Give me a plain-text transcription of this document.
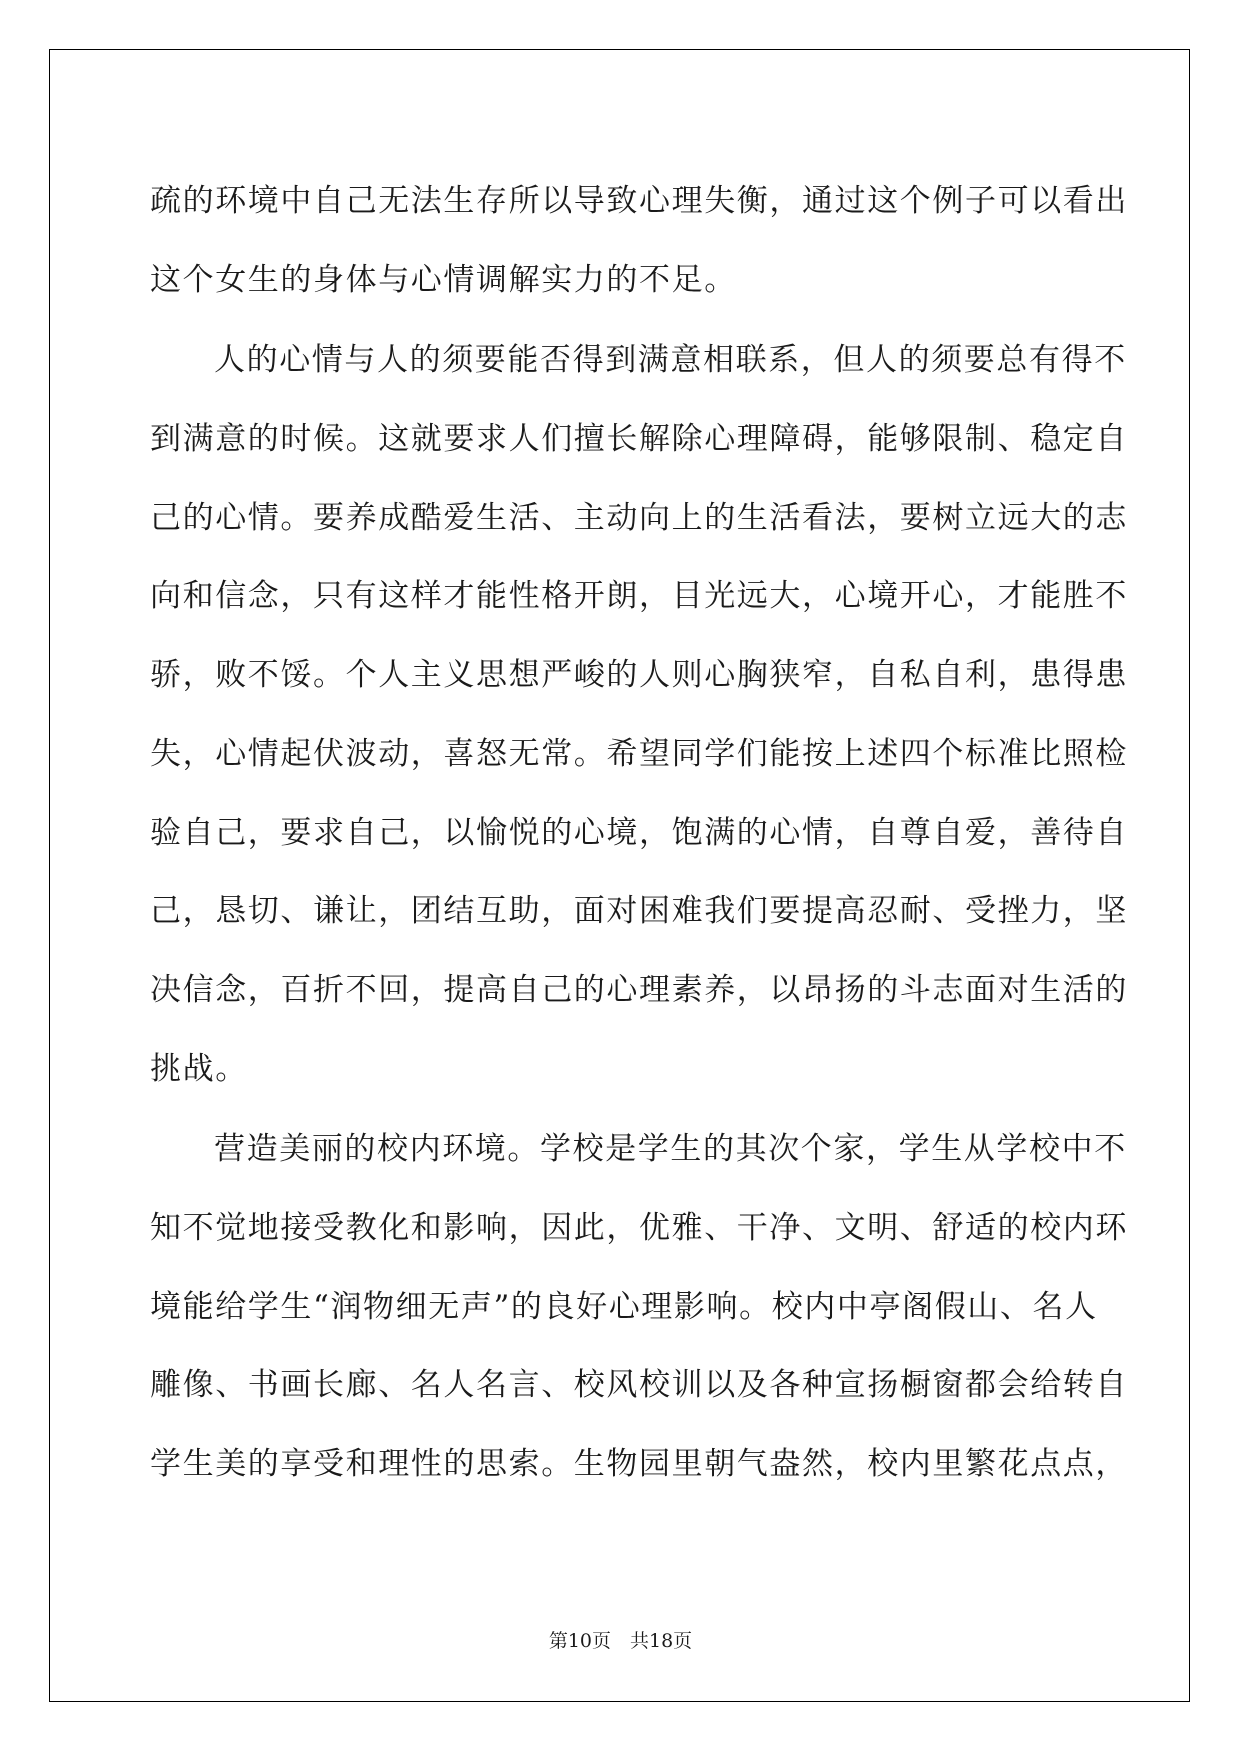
疏的环境中自己无法生存所以导致心理失衡，通过这个例子可以看出
这个女生的身体与心情调解实力的不足。
人的心情与人的须要能否得到满意相联系，但人的须要总有得不
到满意的时候。这就要求人们擅长解除心理障碍，能够限制、稳定自
己的心情。要养成酷爱生活、主动向上的生活看法，要树立远大的志
向和信念，只有这样才能性格开朗，目光远大，心境开心，才能胜不
骄，败不馁。个人主义思想严峻的人则心胸狭窄，自私自利，患得患
失，心情起伏波动，喜怒无常。希望同学们能按上述四个标准比照检
验自己，要求自己，以愉悦的心境，饱满的心情，自尊自爱，善待自
己，恳切、谦让，团结互助，面对困难我们要提高忍耐、受挫力，坚
决信念，百折不回，提高自己的心理素养，以昂扬的斗志面对生活的
挑战。
营造美丽的校内环境。学校是学生的其次个家，学生从学校中不
知不觉地接受教化和影响，因此，优雅、干净、文明、舒适的校内环
境能给学生“润物细无声”的良好心理影响。校内中亭阁假山、名人
雕像、书画长廊、名人名言、校风校训以及各种宣扬橱窗都会给转自
学生美的享受和理性的思索。生物园里朝气盎然，校内里繁花点点，
第10页　共18页
